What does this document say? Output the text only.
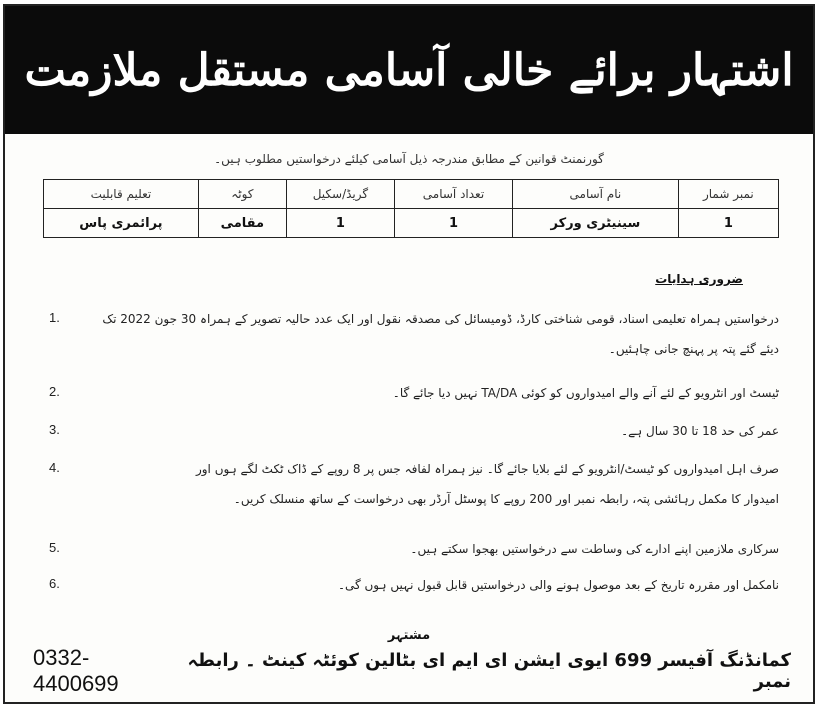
اشتہار برائے خالی آسامی مستقل ملازمت
گورنمنٹ قوانین کے مطابق مندرجہ ذیل آسامی کیلئے درخواستیں مطلوب ہیں۔
نمبر شمار	نام آسامی	تعداد آسامی	گریڈ/سکیل	کوٹہ	تعلیم قابلیت
1	سینیٹری ورکر	1	1	مقامی	پرائمری پاس
ضروری ہدایات
1.	درخواستیں ہمراہ تعلیمی اسناد، قومی شناختی کارڈ، ڈومیسائل کی مصدقہ نقول اور ایک عدد حالیہ تصویر کے ہمراہ 30 جون 2022 تک
دیئے گئے پتہ پر پہنچ جانی چاہئیں۔
2.	ٹیسٹ اور انٹرویو کے لئے آنے والے امیدواروں کو کوئی TA/DA نہیں دیا جائے گا۔
3.	عمر کی حد 18 تا 30 سال ہے۔
4.	صرف اہل امیدواروں کو ٹیسٹ/انٹرویو کے لئے بلایا جائے گا۔ نیز ہمراہ لفافہ جس پر 8 روپے کے ڈاک ٹکٹ لگے ہوں اور
امیدوار کا مکمل رہائشی پتہ، رابطہ نمبر اور 200 روپے کا پوسٹل آرڈر بھی درخواست کے ساتھ منسلک کریں۔
5.	سرکاری ملازمین اپنے ادارے کی وساطت سے درخواستیں بھجوا سکتے ہیں۔
6.	نامکمل اور مقررہ تاریخ کے بعد موصول ہونے والی درخواستیں قابل قبول نہیں ہوں گی۔
مشتہر
0332-4400699
کمانڈنگ آفیسر 699 ایوی ایشن ای ایم ای بٹالین کوئٹہ کینٹ ۔ رابطہ نمبر
